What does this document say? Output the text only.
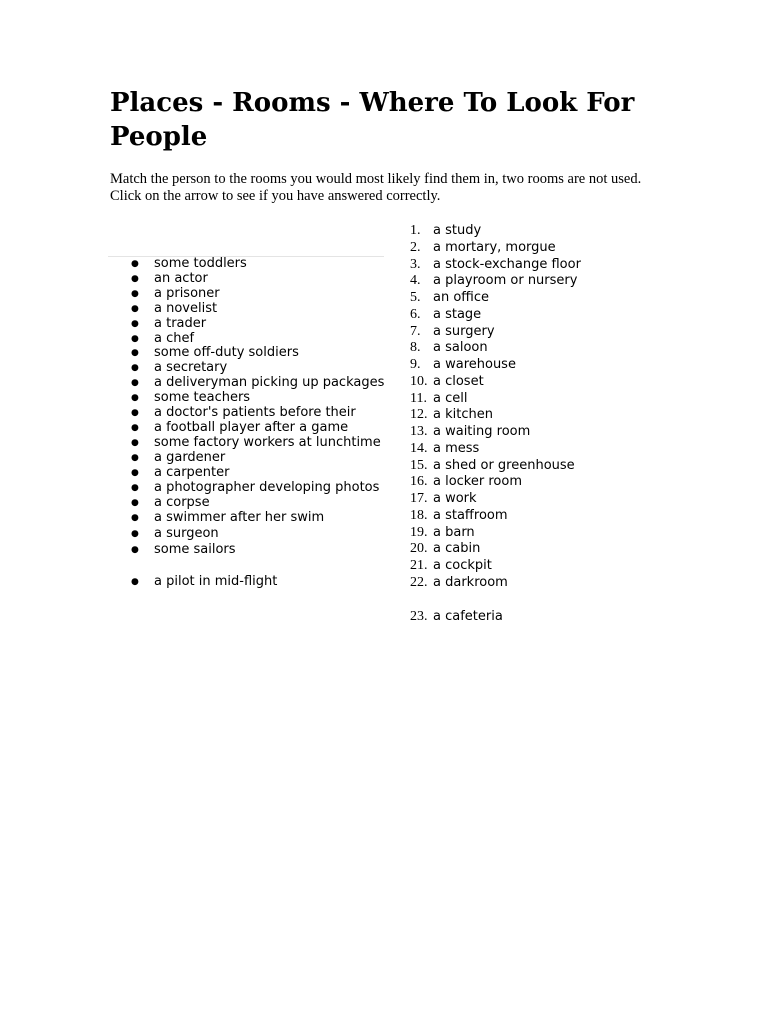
Places - Rooms - Where To Look For People

Match the person to the rooms you would most likely find them in, two rooms are not used. Click on the arrow to see if you have answered correctly.

● some toddlers
● an actor
● a prisoner
● a novelist
● a trader
● a chef
● some off-duty soldiers
● a secretary
● a deliveryman picking up packages
● some teachers
● a doctor's patients before their
● a football player after a game
● some factory workers at lunchtime
● a gardener
● a carpenter
● a photographer developing photos
● a corpse
● a swimmer after her swim
● a surgeon
● some sailors
● a pilot in mid-flight
1. a study
2. a mortary, morgue
3. a stock-exchange floor
4. a playroom or nursery
5. an office
6. a stage
7. a surgery
8. a saloon
9. a warehouse
10. a closet
11. a cell
12. a kitchen
13. a waiting room
14. a mess
15. a shed or greenhouse
16. a locker room
17. a work
18. a staffroom
19. a barn
20. a cabin
21. a cockpit
22. a darkroom
23. a cafeteria
